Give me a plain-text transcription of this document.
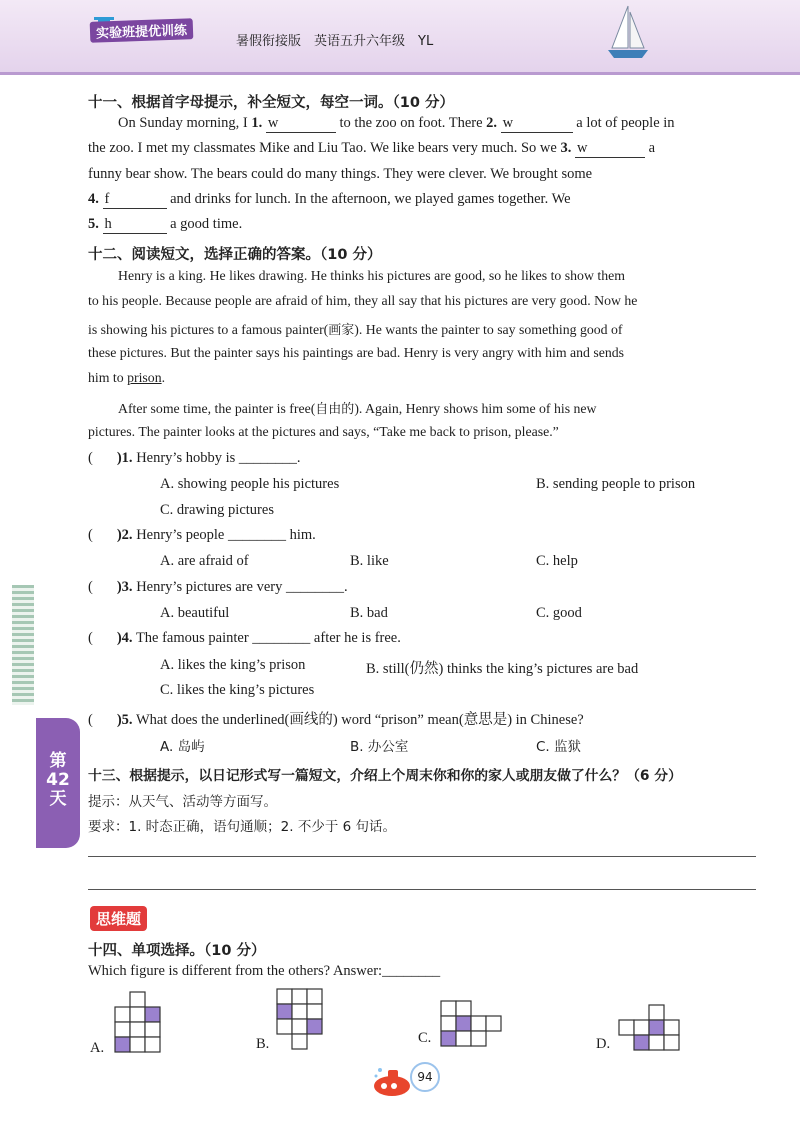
实验班提优训练	暑假衔接版　英语五升六年级　YL
十一、根据首字母提示，补全短文，每空一词。（10 分）
On Sunday morning, I 1. w	to the zoo on foot. There 2. w	a lot of people in
the zoo. I met my classmates Mike and Liu Tao. We like bears very much. So we 3. w	a
funny bear show. The bears could do many things. They were clever. We brought some
4. f	and drinks for lunch. In the afternoon, we played games together. We
5. h	a good time.
十二、阅读短文，选择正确的答案。（10 分）
Henry is a king. He likes drawing. He thinks his pictures are good, so he likes to show them
to his people. Because people are afraid of him, they all say that his pictures are very good. Now he
is showing his pictures to a famous painter(画家). He wants the painter to say something good of
these pictures. But the painter says his paintings are bad. Henry is very angry with him and sends
him to prison.
After some time, the painter is free(自由的). Again, Henry shows him some of his new
pictures. The painter looks at the pictures and says, “Take me back to prison, please.”
( )1. Henry’s hobby is ________.
A. showing people his pictures	B. sending people to prison
C. drawing pictures
( )2. Henry’s people ________ him.
A. are afraid of	B. like	C. help
( )3. Henry’s pictures are very ________.
A. beautiful	B. bad	C. good
( )4. The famous painter ________ after he is free.
A. likes the king’s prison	B. still(仍然) thinks the king’s pictures are bad
C. likes the king’s pictures
( )5. What does the underlined(画线的) word “prison” mean(意思是) in Chinese?
A. 岛屿	B. 办公室	C. 监狱
第
42
天
十三、根据提示，以日记形式写一篇短文，介绍上个周末你和你的家人或朋友做了什么？（6 分）
提示：从天气、活动等方面写。
要求：1. 时态正确，语句通顺；2. 不少于 6 句话。
思维题
十四、单项选择。（10 分）
Which figure is different from the others? Answer:________
A.	B.	C.	D.
94
